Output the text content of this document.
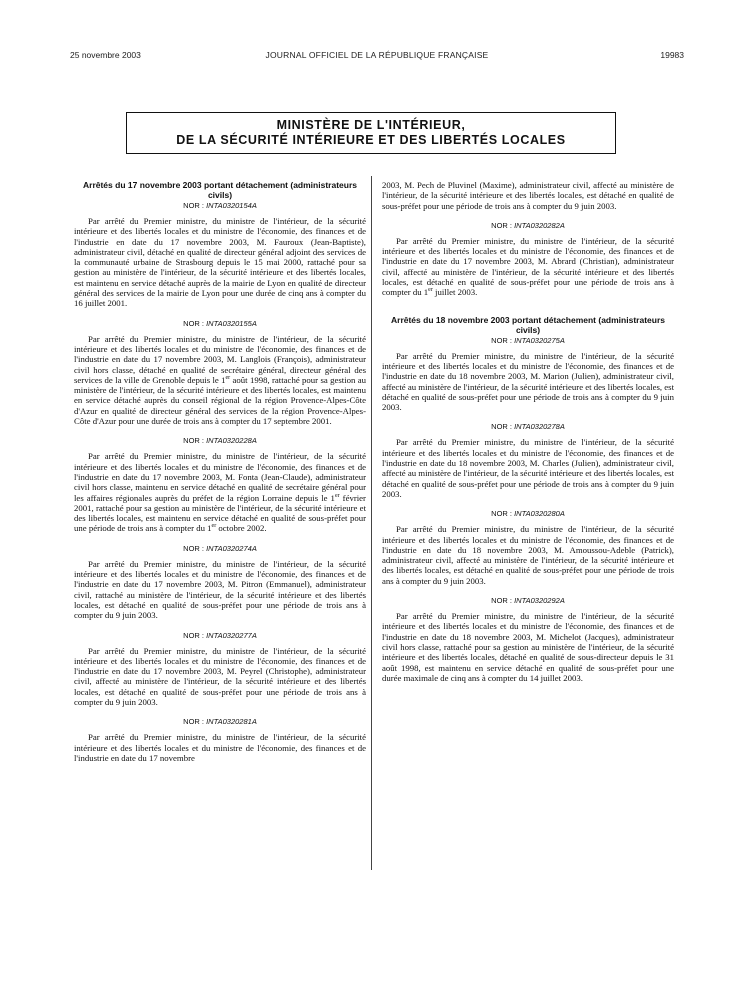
25 novembre 2003	JOURNAL OFFICIEL DE LA RÉPUBLIQUE FRANÇAISE	19983
MINISTÈRE DE L'INTÉRIEUR,
DE LA SÉCURITÉ INTÉRIEURE ET DES LIBERTÉS LOCALES
Arrêtés du 17 novembre 2003 portant détachement (administrateurs civils)
NOR : INTA0320154A

Par arrêté du Premier ministre, du ministre de l'intérieur, de la sécurité intérieure et des libertés locales et du ministre de l'économie, des finances et de l'industrie en date du 17 novembre 2003, M. Fauroux (Jean-Baptiste), administrateur civil, détaché en qualité de directeur général adjoint des services de la communauté urbaine de Strasbourg depuis le 15 mai 2000, rattaché pour sa gestion au ministère de l'intérieur, de la sécurité intérieure et des libertés locales, est maintenu en service détaché auprès de la mairie de Lyon en qualité de directeur général des services de la mairie de Lyon pour une durée de cinq ans à compter du 16 juillet 2001.

NOR : INTA0320155A

Par arrêté du Premier ministre, du ministre de l'intérieur, de la sécurité intérieure et des libertés locales et du ministre de l'économie, des finances et de l'industrie en date du 17 novembre 2003, M. Langlois (François), administrateur civil hors classe, détaché en qualité de secrétaire général, directeur général des services de la ville de Grenoble depuis le 1er août 1998, rattaché pour sa gestion au ministère de l'intérieur, de la sécurité intérieure et des libertés locales, est maintenu en service détaché auprès du conseil régional de la région Provence-Alpes-Côte d'Azur en qualité de directeur général des services de la région Provence-Alpes-Côte d'Azur pour une durée de trois ans à compter du 17 septembre 2001.

NOR : INTA0320228A

Par arrêté du Premier ministre, du ministre de l'intérieur, de la sécurité intérieure et des libertés locales et du ministre de l'économie, des finances et de l'industrie en date du 17 novembre 2003, M. Fonta (Jean-Claude), administrateur civil hors classe, maintenu en service détaché en qualité de secrétaire général pour les affaires régionales auprès du préfet de la région Lorraine depuis le 1er février 2001, rattaché pour sa gestion au ministère de l'intérieur, de la sécurité intérieure et des libertés locales, est maintenu en service détaché en qualité de sous-préfet pour une période de trois ans à compter du 1er octobre 2002.

NOR : INTA0320274A

Par arrêté du Premier ministre, du ministre de l'intérieur, de la sécurité intérieure et des libertés locales et du ministre de l'économie, des finances et de l'industrie en date du 17 novembre 2003, M. Pitron (Emmanuel), administrateur civil, rattaché au ministère de l'intérieur, de la sécurité intérieure et des libertés locales, est détaché en qualité de sous-préfet pour une période de trois ans à compter du 9 juin 2003.

NOR : INTA0320277A

Par arrêté du Premier ministre, du ministre de l'intérieur, de la sécurité intérieure et des libertés locales et du ministre de l'économie, des finances et de l'industrie en date du 17 novembre 2003, M. Peyrel (Christophe), administrateur civil, affecté au ministère de l'intérieur, de la sécurité intérieure et des libertés locales, est détaché en qualité de sous-préfet pour une période de trois ans à compter du 9 juin 2003.

NOR : INTA0320281A

Par arrêté du Premier ministre, du ministre de l'intérieur, de la sécurité intérieure et des libertés locales et du ministre de l'économie, des finances et de l'industrie en date du 17 novembre

2003, M. Pech de Pluvinel (Maxime), administrateur civil, affecté au ministère de l'intérieur, de la sécurité intérieure et des libertés locales, est détaché en qualité de sous-préfet pour une période de trois ans à compter du 9 juin 2003.

NOR : INTA0320282A

Par arrêté du Premier ministre, du ministre de l'intérieur, de la sécurité intérieure et des libertés locales et du ministre de l'économie, des finances et de l'industrie en date du 17 novembre 2003, M. Abrard (Christian), administrateur civil, affecté au ministère de l'intérieur, de la sécurité intérieure et des libertés locales, est détaché en qualité de sous-préfet pour une période de trois ans à compter du 1er juillet 2003.

Arrêtés du 18 novembre 2003 portant détachement (administrateurs civils)
NOR : INTA0320275A

Par arrêté du Premier ministre, du ministre de l'intérieur, de la sécurité intérieure et des libertés locales et du ministre de l'économie, des finances et de l'industrie en date du 18 novembre 2003, M. Marion (Julien), administrateur civil, affecté au ministère de l'intérieur, de la sécurité intérieure et des libertés locales, est détaché en qualité de sous-préfet pour une période de trois ans à compter du 9 juin 2003.

NOR : INTA0320278A

Par arrêté du Premier ministre, du ministre de l'intérieur, de la sécurité intérieure et des libertés locales et du ministre de l'économie, des finances et de l'industrie en date du 18 novembre 2003, M. Charles (Julien), administrateur civil, affecté au ministère de l'intérieur, de la sécurité intérieure et des libertés locales, est détaché en qualité de sous-préfet pour une période de trois ans à compter du 9 juin 2003.

NOR : INTA0320280A

Par arrêté du Premier ministre, du ministre de l'intérieur, de la sécurité intérieure et des libertés locales et du ministre de l'économie, des finances et de l'industrie en date du 18 novembre 2003, M. Amoussou-Adeble (Patrick), administrateur civil, affecté au ministère de l'intérieur, de la sécurité intérieure et des libertés locales, est détaché en qualité de sous-préfet pour une période de trois ans à compter du 9 juin 2003.

NOR : INTA0320292A

Par arrêté du Premier ministre, du ministre de l'intérieur, de la sécurité intérieure et des libertés locales et du ministre de l'économie, des finances et de l'industrie en date du 18 novembre 2003, M. Michelot (Jacques), administrateur civil hors classe, rattaché pour sa gestion au ministère de l'intérieur, de la sécurité intérieure et des libertés locales, détaché en qualité de sous-directeur depuis le 31 août 1998, est maintenu en service détaché en qualité de sous-préfet pour une durée maximale de cinq ans à compter du 14 juillet 2003.
